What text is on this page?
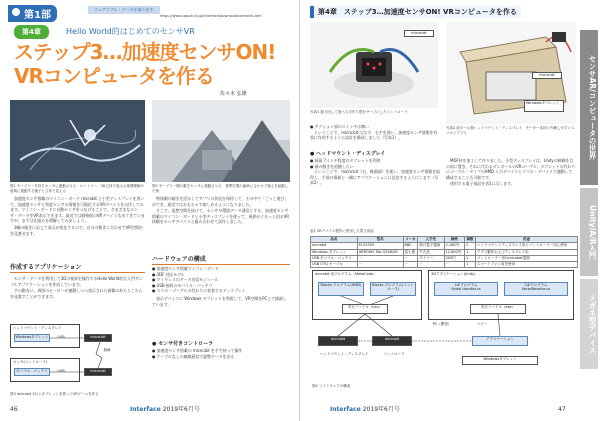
第1部
ウェアラブル・データを取り出す
https://www.cqpub.co.jp/interface/download/contents.htm
第4章	Hello World的はじめてのセンサVR
ステップ3…加速度センサON!
VRコンピュータを作る
佐々木 弘隆
図1 モーグリー手持ちセンサに連動させる　ルートソー、3D立体で表示さ基礎理解の意義に連動する様子と立体で見える
図2 モーグリー側の動きセンサに連動させる　基準位置の歯車に合わせて揃えを起動した例

加速度センサ搭載のマイコン・ボード microbit と小型ディスプレイを用いて、加速度センサと角度センサの情報を可視化するVRデバイスを自作してみます。マイコン・ボードに自動センサをつなげることで、さまざまなセンサ・データをVR表示できます。最近では価格面のVRデバイスも出てきていますが、まずは仕組みを理解してみましょう。

3軸の傾きに応じて表示が変化するので、自分の動きに合わせてVR空間内を見渡せます。

作成するアプリケーション

センサ・データを利用して3Dの視界を操作するHello World的な入門サンプルアプリケーションを作成しています。

手の動きに、周囲のヒーローが連動しつつ表示された画像のあちらこちらを見渡すことができます。

ヘッドマウント・ディスプレイ
Windowsタブレット	micro:bit
USB
無線
センサ(コントローラ)
モバイル・バッテリ	micro:bit
USB
図3 microbit 2台とタブレットを使ってVRゲームを作る

物体側の傾きを活かしてアプリの状況を保持して、その中で「ごっこ遊び」ができ、最近ではおもちゃで楽しめるようになりました。

そこで、仮想空間を抜けて、センサや環境データ通信とする、加速度センサ搭載のマイコン・ボードと小型ディスプレイを使って、視界がぐるっと回るVR体験をセンサデバイスと組み合わせて試作しました。

ハードウェアの構成
● 加速度センサ搭載マイコン・ボード
● 3DF 対応モデル
● ワイヤレスのデータ送信モジュール
● USB 接続のモバイル・バッテリ
● スマホ・ゴーグルの代わりに装着するディスプレイ

表示デバイスに Windows タブレットを利用して、VR空間をPC上で描画しています。

● センサ付きコントローラ
● 加速度センサ搭載の micro:bit を手で持って操作
● ケーブルなしの無線通信で姿勢データを送る
46	Interface 2019年6月号
第4章　ステップ3…加速度センサON! VRコンピュータを作る
micro:bit
写真1 振り回して遊べる手作り感をサーフにしたコントローラ
micro:bit
Windowsタブレット
写真2 段ボール製ヘッドマウント・ディスプレイ：モーター本体と内蔵しやすいスマホとアプリ
● アクション部のスイッチは無い

ということで、micro:bit は左手、右手を使い、加速度センサ情報を有効に作用するように設計を構成しました（写真1）。

● ヘッドマウント・ディスプレイ
● 画面 7インチ程度のタブレットを利用
● 頭の動きを追随したい

ということで、micro:bit（右、後頭部）を使い、加速度センサ情報を取得し、手前の情報と一緒にアプリケーションに送信するようにします（写真2）。

MDF材を加工して作りました。小型ディスプレイは、Unityの制御を目の前に置き、それに代わるダンボールのVRゴーグル、タブレットの代わりにゴーグル・タイプのHMD 入力デバイスとスマホ・デバイスで連動して構成することも可能です。

使用する電子部品を表1に示します。

表1 VRデバイス製作に使用した電子部品
品名	型名	メーカ	入手先	価格	個数	用途
microbit	M-25353	BBC	秋月電子通商	2,160円	2	ヘッドマウントディスプレイ用とコントローラー用に使用
Windows タブレット	ARROWS Tab Q508/SE	富士通	中古品	12,800円	1	アプリ動作およびディスプレイ用
USB モバイル・バッテリ	－	－	ダイソー	300円	1	コントローラー用のmicrobit電源
USB OTG ケーブル	－	－	－	－	1	スマートフォン用を使用
microbit 用プログラム（MakeCode）
Blocks プログラム(HMD)	Blocks プログラム(コントローラ)
実行ファイル（hex）
3Dアプリケーション(Unity)
C#プログラム
Serial Handler.cs
C#プログラム
SerialReceive.cs
実行ファイル（exe）
PC（開発）	コピー
microbit	microbit	アプリケーション
Windowsタブレット
ヘッドマウント・ディスプレイ	コントローラ
図4 ソフトウェアの構成
Interface 2019年6月号	47
センサAR/コンピュータの世界
Unity/A/R入門
メガネ型デバイス
